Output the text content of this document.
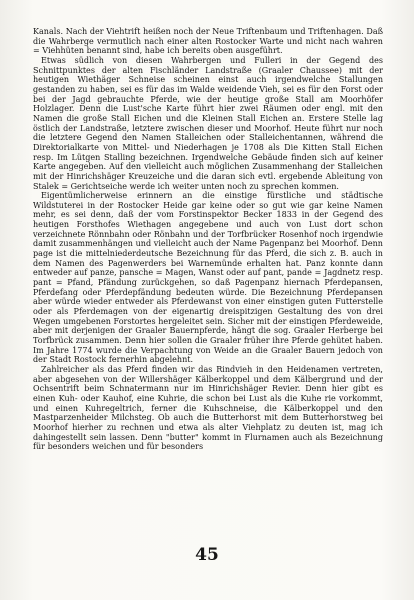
Kanals. Nach der Viehtrift heißen noch der Neue Triftenbaum und Triftenhagen. Daß die Wahrberge vermutlich nach einer alten Rostocker Warte und nicht nach wahren = Viehhüten benannt sind, habe ich bereits oben ausgeführt.

Etwas südlich von diesen Wahrbergen und Fulleri in der Gegend des Schnittpunktes der alten Fischländer Landstraße (Graaler Chaussee) mit der heutigen Wiethäger Schneise scheinen einst auch irgendwelche Stallungen gestanden zu haben, sei es für das im Walde weidende Vieh, sei es für den Forst oder bei der Jagd gebrauchte Pferde, wie der heutige große Stall am Moorhöfer Holzlager. Denn die Lust'sche Karte führt hier zwei Räumen oder engl. mit den Namen die große Stall Eichen und die Kleinen Stall Eichen an. Erstere Stelle lag östlich der Landstraße, letztere zwischen dieser und Moorhof. Heute führt nur noch die letztere Gegend den Namen Stalleichen oder Stalleichentannen, während die Direktorialkarte von Mittel- und Niederhagen je 1708 als Die Kitten Stall Eichen resp. Im Lütgen Stalling bezeichnen. Irgendwelche Gebäude finden sich auf keiner Karte angegeben. Auf den vielleicht auch möglichen Zusammenhang der Stalleichen mit der Hinrichshäger Kreuzeiche und die daran sich evtl. ergebende Ableitung von Stalek = Gerichtseiche werde ich weiter unten noch zu sprechen kommen.

Eigentümlicherweise erinnern an die einstige fürstliche und städtische Wildstuterei in der Rostocker Heide gar keine oder so gut wie gar keine Namen mehr, es sei denn, daß der vom Forstinspektor Becker 1833 in der Gegend des heutigen Forsthofes Wiethagen angegebene und auch von Lust dort schon verzeichnete Rönnbahn oder Rönbahn und der Torfbrücker Rosenhof noch irgendwie damit zusammenhängen und vielleicht auch der Name Pagenpanz bei Moorhof. Denn page ist die mittelniederdeutsche Bezeichnung für das Pferd, die sich z. B. auch in dem Namen des Pagenwerders bei Warnemünde erhalten hat. Panz konnte dann entweder auf panze, pansche = Magen, Wanst oder auf pant, pande = Jagdnetz resp. pant = Pfand, Pfändung zurückgehen, so daß Pagenpanz hiernach Pferdepansen, Pferdefang oder Pferdepfändung bedeuten würde. Die Bezeichnung Pferdepansen aber würde wieder entweder als Pferdewanst von einer einstigen guten Futterstelle oder als Pferdemagen von der eigenartig dreispitzigen Gestaltung des von drei Wegen umgebenen Forstortes hergeleitet sein. Sicher mit der einstigen Pferdeweide, aber mit derjenigen der Graaler Bauernpferde, hängt die sog. Graaler Herberge bei Torfbrück zusammen. Denn hier sollen die Graaler früher ihre Pferde gehütet haben. Im Jahre 1774 wurde die Verpachtung von Weide an die Graaler Bauern jedoch von der Stadt Rostock fernerhin abgelehnt.

Zahlreicher als das Pferd finden wir das Rindvieh in den Heidenamen vertreten, aber abgesehen von der Willershäger Kälberkoppel und dem Kälbergrund und der Ochsentrift beim Schnatermann nur im Hinrichshäger Revier. Denn hier gibt es einen Kuh- oder Kauhof, eine Kuhrie, die schon bei Lust als die Kuhe rie vorkommt, und einen Kuhregeltrich, ferner die Kuhschneise, die Kälberkoppel und den Mastparzenheider Milchsteg. Ob auch die Butterhorst mit dem Butterhorstweg bei Moorhof hierher zu rechnen und etwa als alter Viehplatz zu deuten ist, mag ich dahingestellt sein lassen. Denn "butter" kommt in Flurnamen auch als Bezeichnung für besonders weichen und für besonders

45
